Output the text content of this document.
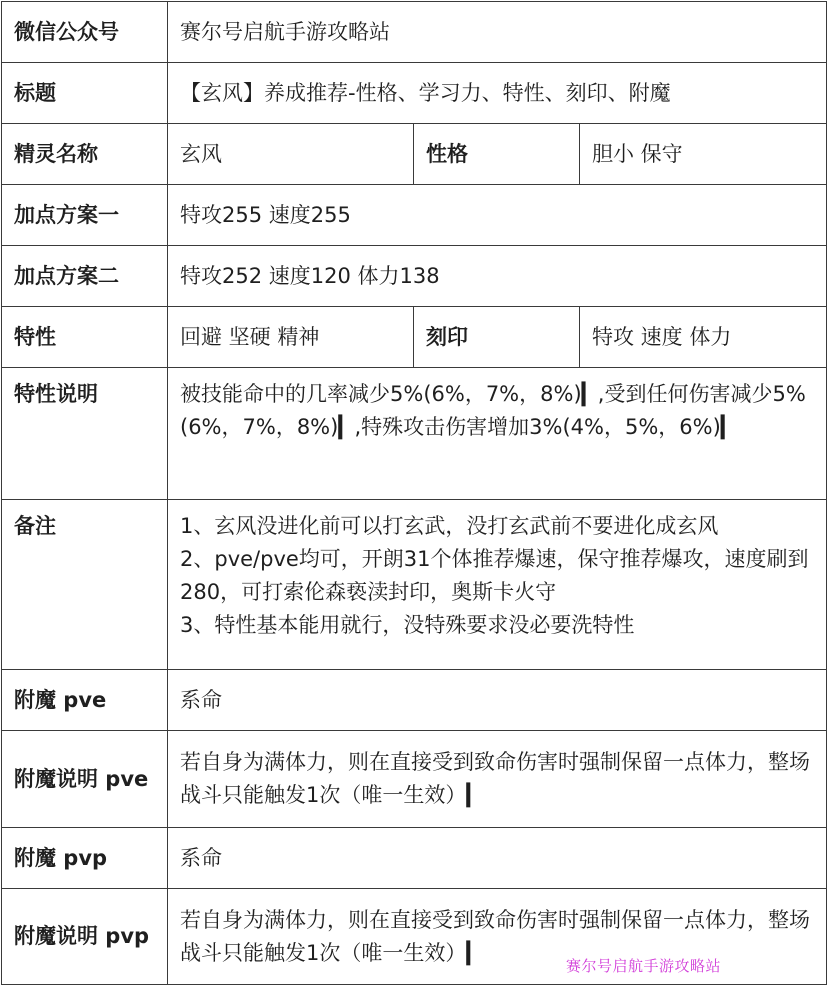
微信公众号	赛尔号启航手游攻略站		
标题	【玄风】养成推荐-性格、学习力、特性、刻印、附魔		
精灵名称	玄风	性格	胆小 保守
加点方案一	特攻255 速度255		
加点方案二	特攻252 速度120 体力138		
特性	回避 坚硬 精神	刻印	特攻 速度 体力
特性说明	被技能命中的几率减少5%(6%，7%，8%)▎,受到任何伤害减少5%(6%，7%，8%)▎,特殊攻击伤害增加3%(4%，5%，6%)▎		
备注	1、玄风没进化前可以打玄武，没打玄武前不要进化成玄风
2、pve/pve均可，开朗31个体推荐爆速，保守推荐爆攻，速度刷到280，可打索伦森亵渎封印，奥斯卡火守
3、特性基本能用就行，没特殊要求没必要洗特性		

附魔 pve	系命		
附魔说明 pve	若自身为满体力，则在直接受到致命伤害时强制保留一点体力，整场战斗只能触发1次（唯一生效）▎		
附魔 pvp	系命		
附魔说明 pvp	若自身为满体力，则在直接受到致命伤害时强制保留一点体力，整场战斗只能触发1次（唯一生效）▎		
赛尔号启航手游攻略站
